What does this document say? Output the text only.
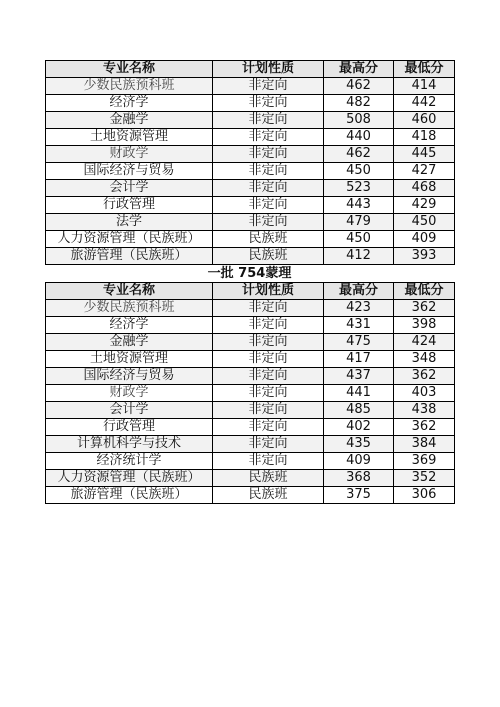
专业名称	计划性质	最高分	最低分
少数民族预科班	非定向	462	414
经济学	非定向	482	442
金融学	非定向	508	460
土地资源管理	非定向	440	418
财政学	非定向	462	445
国际经济与贸易	非定向	450	427
会计学	非定向	523	468
行政管理	非定向	443	429
法学	非定向	479	450
人力资源管理（民族班）	民族班	450	409
旅游管理（民族班）	民族班	412	393
一批 754蒙理
专业名称	计划性质	最高分	最低分
少数民族预科班	非定向	423	362
经济学	非定向	431	398
金融学	非定向	475	424
土地资源管理	非定向	417	348
国际经济与贸易	非定向	437	362
财政学	非定向	441	403
会计学	非定向	485	438
行政管理	非定向	402	362
计算机科学与技术	非定向	435	384
经济统计学	非定向	409	369
人力资源管理（民族班）	民族班	368	352
旅游管理（民族班）	民族班	375	306
